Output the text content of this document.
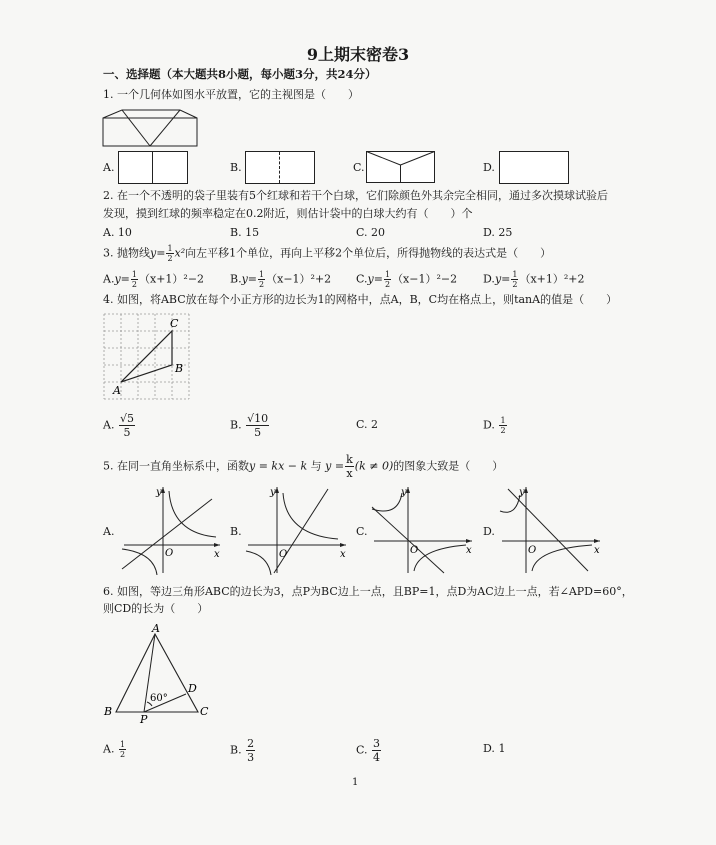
9上期末密卷3
一、选择题（本大题共8小题，每小题3分，共24分）
1. 一个几何体如图水平放置，它的主视图是（　　）
A.	B.	C.	D.
2. 在一个不透明的袋子里装有5个红球和若干个白球，它们除颜色外其余完全相同，通过多次摸球试验后
发现，摸到红球的频率稳定在0.2附近，则估计袋中的白球大约有（　　）个
A. 10	B. 15	C. 20	D. 25
3. 抛物线$y= \frac{1}{2} x^2$向左平移1个单位，再向上平移2个单位后，所得抛物线的表达式是（　　）
$A.y= \frac{1}{2} (x+1)^2-2$ $B.y= \frac{1}{2} (x-1)^2+2$ $C.y= \frac{1}{2} (x-1)^2-2$ $D.y= \frac{1}{2} (x+1)^2+2$
4. 如图，将ABC放在每个小正方形的边长为1的网格中，点A，B，C均在格点上，则tanA的值是（　　）
A
B
C
A. $\frac{√5}{5}$	B. $\frac{√10}{5}$	C. 2	D. $\frac{1}{2}$
5. 在同一直角坐标系中，函数y = kx − k 与 $y = \frac{k}{x} (k \ne 0)$的图象大致是（　　）
A.
y
x
O
B.
y
x
O
C.
y
x
O
D.
y
x
O
6. 如图，等边三角形ABC的边长为3，点P为BC边上一点，且BP=1，点D为AC边上一点，若∠APD=60°，
则CD的长为（　　）
A
B	C
D
P
60°
A. $\frac{1}{2}$	B. $\frac{2}{3}$	C. $\frac{3}{4}$	D. 1
1
